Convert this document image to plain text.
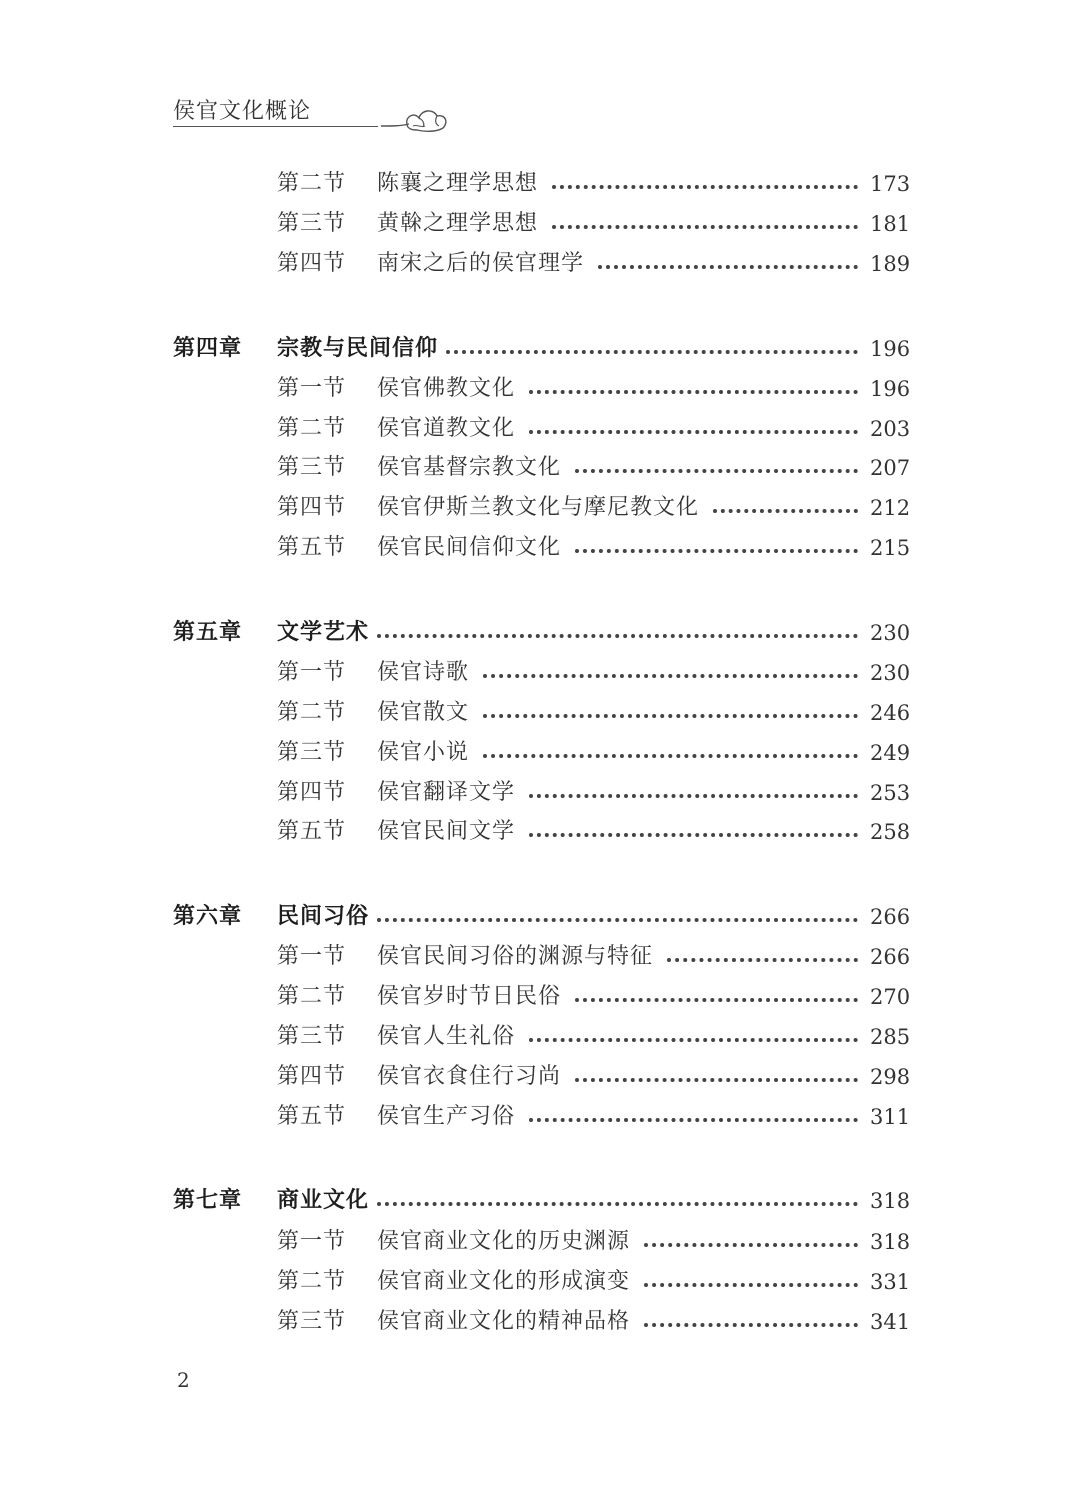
侯官文化概论
第二节 陈襄之理学思想	173
第三节 黄榦之理学思想	181
第四节 南宋之后的侯官理学	189
第四章 宗教与民间信仰	196
第一节 侯官佛教文化	196
第二节 侯官道教文化	203
第三节 侯官基督宗教文化	207
第四节 侯官伊斯兰教文化与摩尼教文化	212
第五节 侯官民间信仰文化	215
第五章 文学艺术	230
第一节 侯官诗歌	230
第二节 侯官散文	246
第三节 侯官小说	249
第四节 侯官翻译文学	253
第五节 侯官民间文学	258
第六章 民间习俗	266
第一节 侯官民间习俗的渊源与特征	266
第二节 侯官岁时节日民俗	270
第三节 侯官人生礼俗	285
第四节 侯官衣食住行习尚	298
第五节 侯官生产习俗	311
第七章 商业文化	318
第一节 侯官商业文化的历史渊源	318
第二节 侯官商业文化的形成演变	331
第三节 侯官商业文化的精神品格	341
2
